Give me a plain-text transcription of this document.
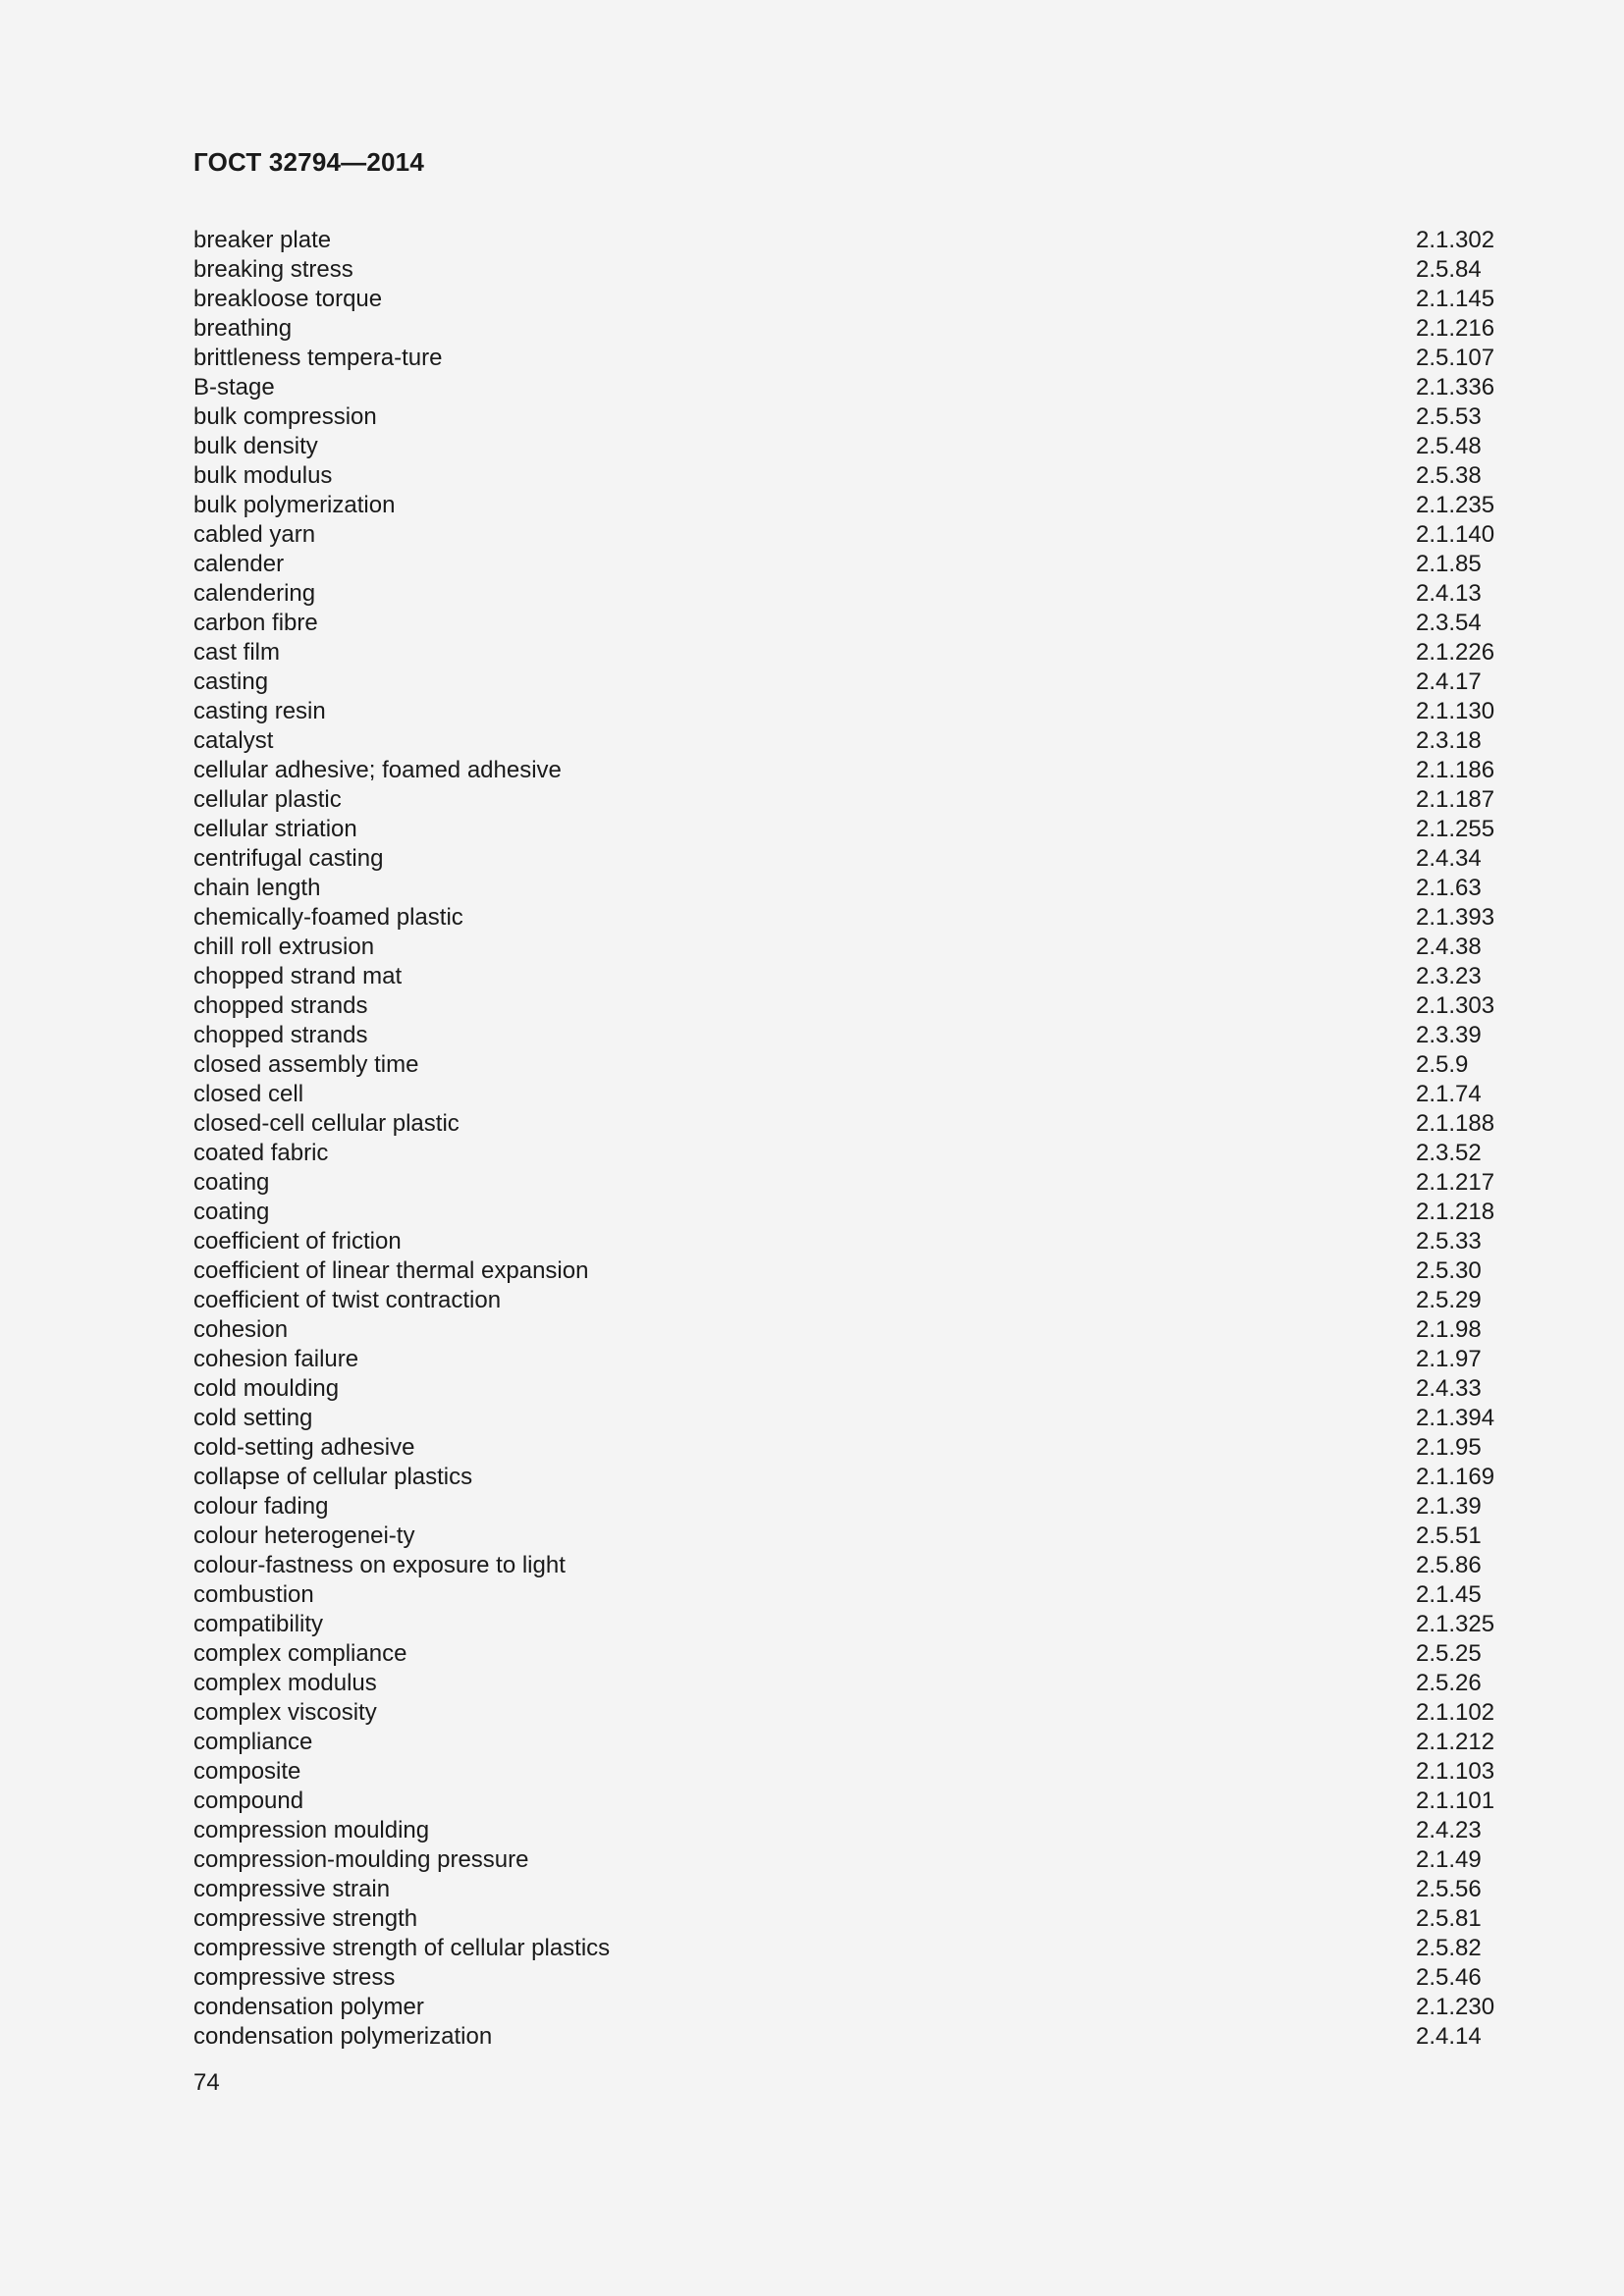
ГОСТ 32794—2014
breaker plate	2.1.302
breaking stress	2.5.84
breakloose torque	2.1.145
breathing	2.1.216
brittleness tempera-ture	2.5.107
B-stage	2.1.336
bulk compression	2.5.53
bulk density	2.5.48
bulk modulus	2.5.38
bulk polymerization	2.1.235
cabled yarn	2.1.140
calender	2.1.85
calendering	2.4.13
carbon fibre	2.3.54
cast film	2.1.226
casting	2.4.17
casting resin	2.1.130
catalyst	2.3.18
cellular adhesive; foamed adhesive	2.1.186
cellular plastic	2.1.187
cellular striation	2.1.255
centrifugal casting	2.4.34
chain length	2.1.63
chemically-foamed plastic	2.1.393
chill roll extrusion	2.4.38
chopped strand mat	2.3.23
chopped strands	2.1.303
chopped strands	2.3.39
closed assembly time	2.5.9
closed cell	2.1.74
closed-cell cellular plastic	2.1.188
coated fabric	2.3.52
coating	2.1.217
coating	2.1.218
coefficient of friction	2.5.33
coefficient of linear thermal expansion	2.5.30
coefficient of twist contraction	2.5.29
cohesion	2.1.98
cohesion failure	2.1.97
cold moulding	2.4.33
cold setting	2.1.394
cold-setting adhesive	2.1.95
collapse of cellular plastics	2.1.169
colour fading	2.1.39
colour heterogenei-ty	2.5.51
colour-fastness on exposure to light	2.5.86
combustion	2.1.45
compatibility	2.1.325
complex compliance	2.5.25
complex modulus	2.5.26
complex viscosity	2.1.102
compliance	2.1.212
composite	2.1.103
compound	2.1.101
compression moulding	2.4.23
compression-moulding pressure	2.1.49
compressive strain	2.5.56
compressive strength	2.5.81
compressive strength of cellular plastics	2.5.82
compressive stress	2.5.46
condensation polymer	2.1.230
condensation polymerization	2.4.14
74
